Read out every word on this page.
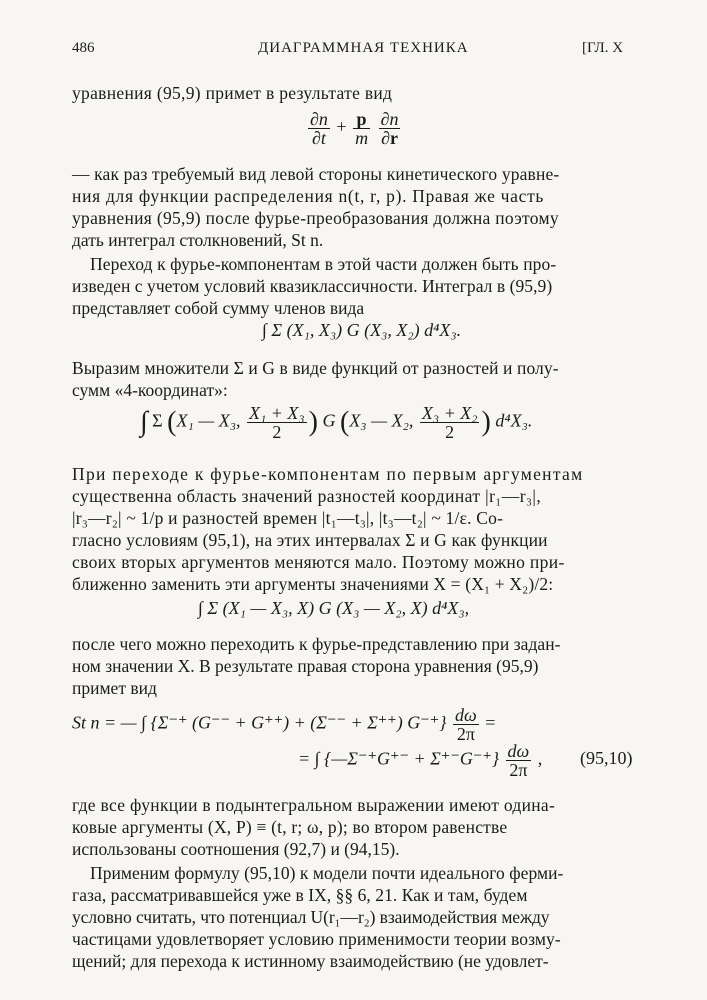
486	ДИАГРАММНАЯ ТЕХНИКА	[ГЛ. X
уравнения (95,9) примет в результате вид
$\frac{\partial n}{\partial t} + \frac{p}{m}$
$\frac{\partial n}{\partial r}$
— как раз требуемый вид левой стороны кинетического уравне-
ния для функции распределения n(t, r, p). Правая же часть
уравнения (95,9) после фурье-преобразования должна поэтому
дать интеграл столкновений, St n.
Переход к фурье-компонентам в этой части должен быть про-
изведен с учетом условий квазиклассичности. Интеграл в (95,9)
представляет собой сумму членов вида
∫ Σ (X₁, X₃) G (X₃, X₂) d⁴X₃.
Выразим множители Σ и G в виде функций от разностей и полу-
сумм «4-координат»:
∫ Σ (X₁ — X₃, $\frac{\text{X₁ + X₃}}{2}$ ) G (X₃ — X₂, $\frac{\text{X₃ + X₂}}{2}$ ) d⁴X₃.
При переходе к фурье-компонентам по первым аргументам
существенна область значений разностей координат |r₁—r₃|,
|r₃—r₂| ~ 1/p и разностей времен |t₁—t₃|, |t₃—t₂| ~ 1/ε. Со-
гласно условиям (95,1), на этих интервалах Σ и G как функции
своих вторых аргументов меняются мало. Поэтому можно при-
ближенно заменить эти аргументы значениями X = (X₁ + X₂)/2:
∫ Σ (X₁ — X₃, X) G (X₃ — X₂, X) d⁴X₃,
после чего можно переходить к фурье-представлению при задан-
ном значении X. В результате правая сторона уравнения (95,9)
примет вид
St n = — ∫ {Σ⁻⁺ (G⁻⁻ + G⁺⁺) + (Σ⁻⁻ + Σ⁺⁺) $G^{-+}\} \frac{d\omega}{2\pi}$ =
= ∫ {—Σ⁻⁺G⁺⁻ + $\Sigma^{+-}G^{-+}\} \frac{d\omega}{2\pi}$ , (95,10)
где все функции в подынтегральном выражении имеют одина-
ковые аргументы (X, P) ≡ (t, r; ω, p); во втором равенстве
использованы соотношения (92,7) и (94,15).
Применим формулу (95,10) к модели почти идеального ферми-
газа, рассматривавшейся уже в IX, §§ 6, 21. Как и там, будем
условно считать, что потенциал U(r₁—r₂) взаимодействия между
частицами удовлетворяет условию применимости теории возму-
щений; для перехода к истинному взаимодействию (не удовлет-
